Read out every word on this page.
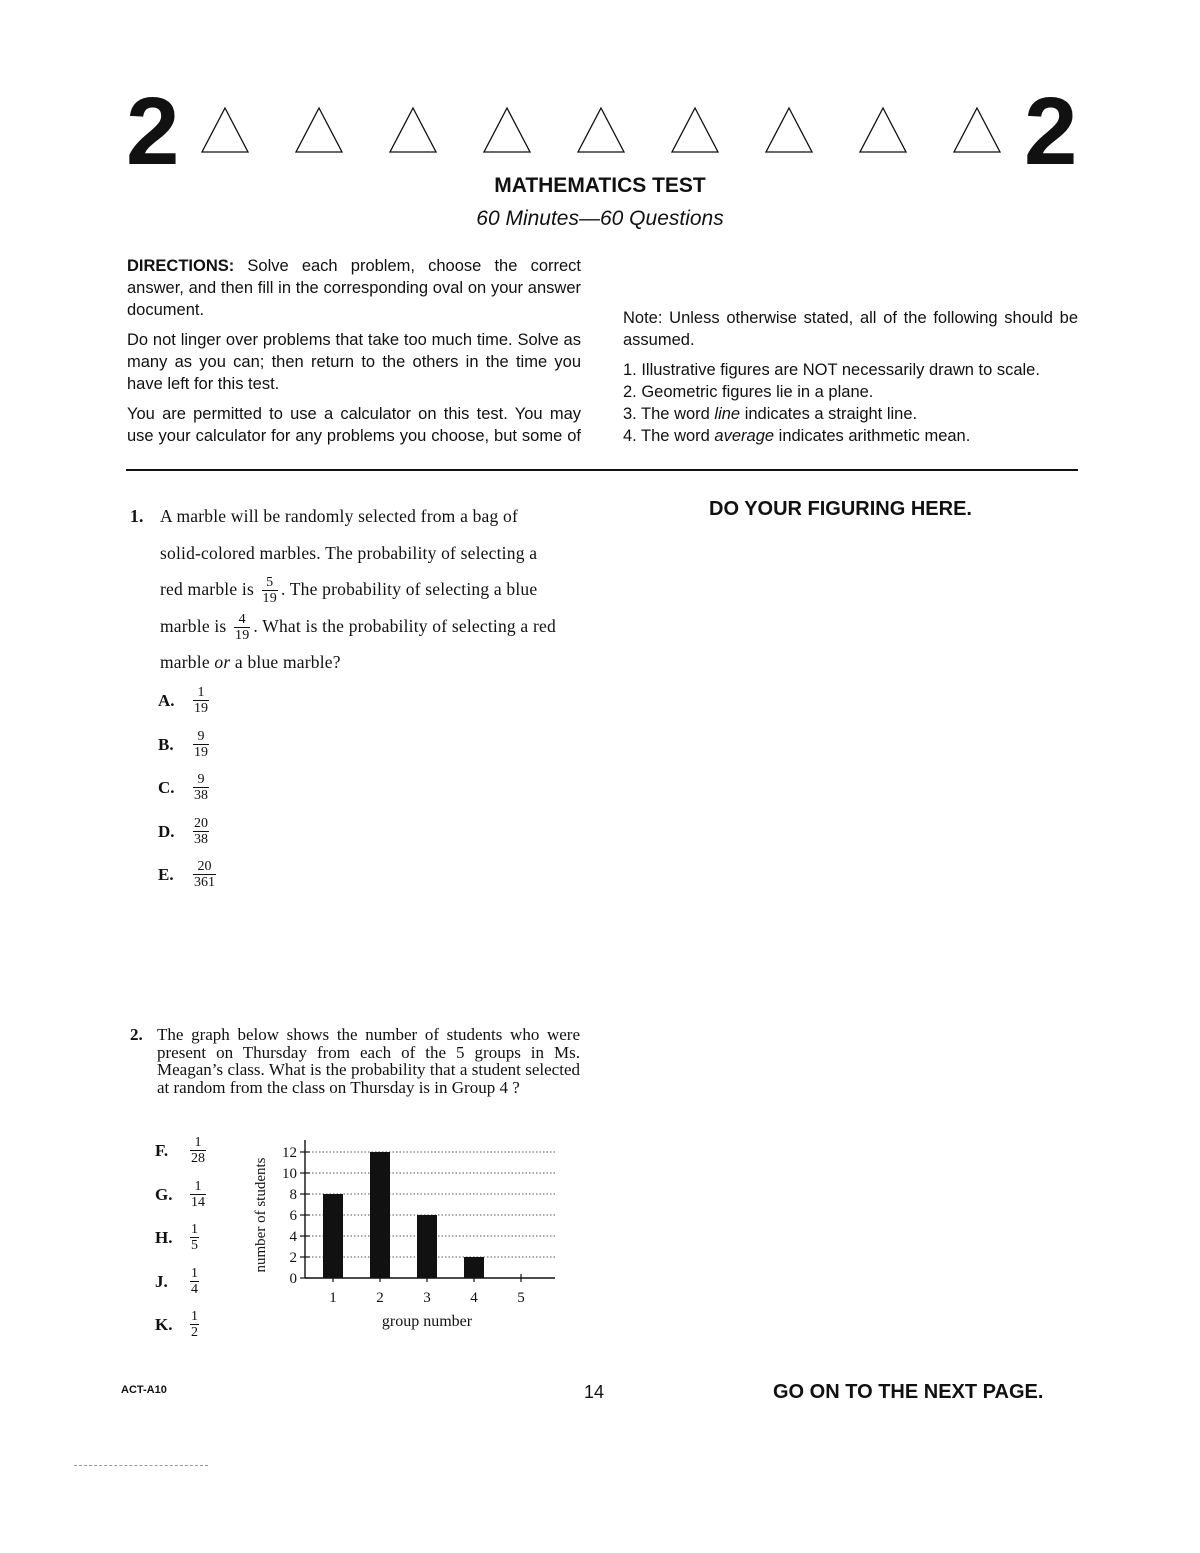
2	2
MATHEMATICS TEST
60 Minutes—60 Questions

DIRECTIONS: Solve each problem, choose the correct answer, and then fill in the corresponding oval on your answer document.

Do not linger over problems that take too much time. Solve as many as you can; then return to the others in the time you have left for this test.

You are permitted to use a calculator on this test. You may use your calculator for any problems you choose, but some of

Note: Unless otherwise stated, all of the following should be assumed.

1. Illustrative figures are NOT necessarily drawn to scale.
2. Geometric figures lie in a plane.
3. The word line indicates a straight line.
4. The word average indicates arithmetic mean.
DO YOUR FIGURING HERE.
1. A marble will be randomly selected from a bag of
solid-colored marbles. The probability of selecting a
red marble is $\frac{5}{19}$ . The probability of selecting a blue
marble is $\frac{4}{19}$ . What is the probability of selecting a red
marble or a blue marble?
A. $\frac{1}{19}$
B. $\frac{9}{19}$
C. $\frac{9}{38}$
D. $\frac{20}{38}$
E. $\frac{20}{361}$
2. The graph below shows the number of students who were present on Thursday from each of the 5 groups in Ms. Meagan’s class. What is the probability that a student selected at random from the class on Thursday is in Group 4 ?
F. $\frac{1}{28}$
G. $\frac{1}{14}$
H. $\frac{1}{5}$
J. $\frac{1}{4}$
K. $\frac{1}{2}$
0
2
4
6
8
10
12
1	2	3	4	5
group number
number of students
ACT-A10	14	GO ON TO THE NEXT PAGE.
